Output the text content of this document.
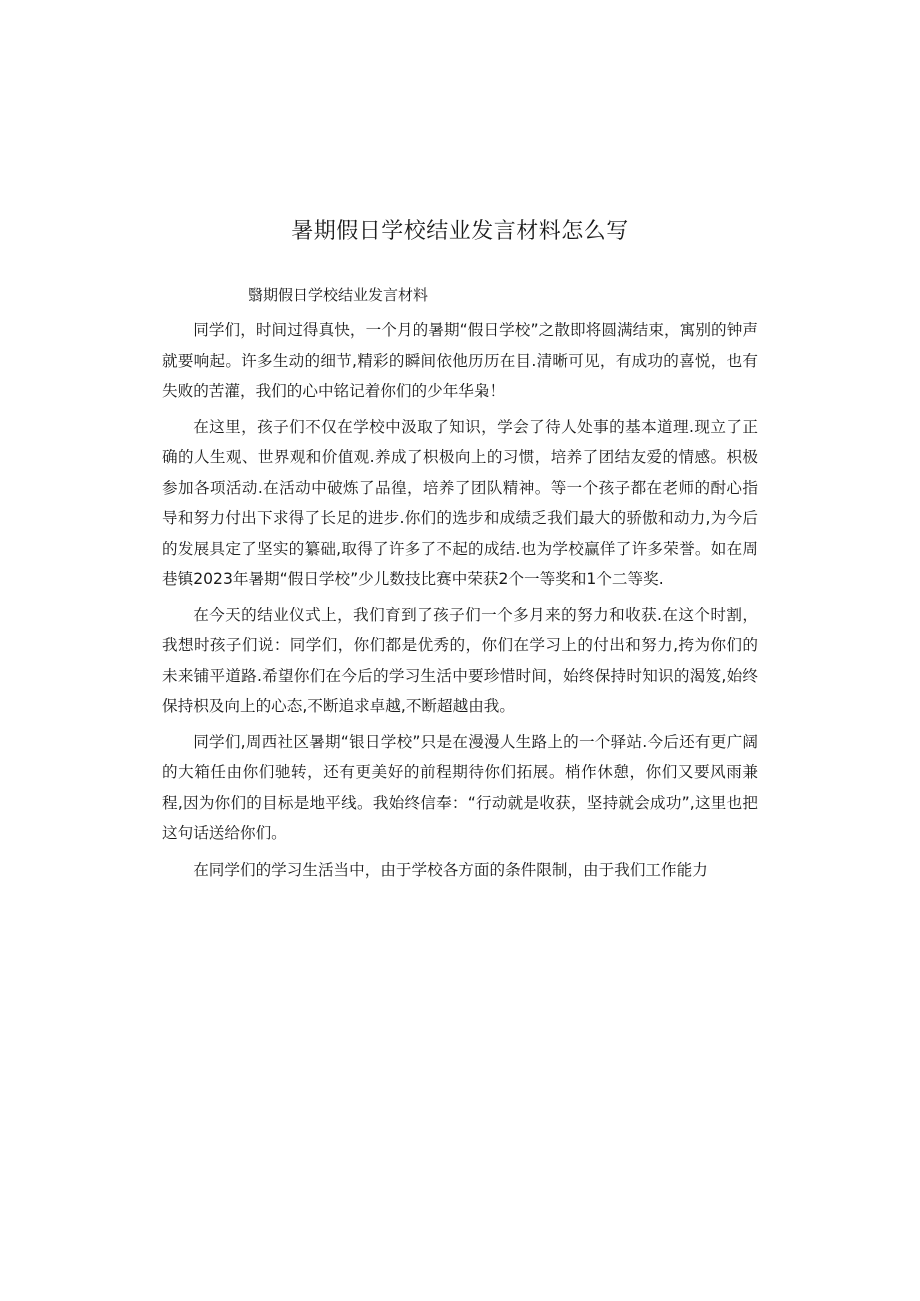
暑期假日学校结业发言材料怎么写

翳期假日学校结业发言材料

同学们，时间过得真快，一个月的暑期“假日学校”之散即将圆满结束，寓别的钟声就要响起。许多生动的细节,精彩的瞬间依他历历在目.清晰可见，有成功的喜悦，也有失败的苦灌，我们的心中铭记着你们的少年华枭！

在这里，孩子们不仅在学校中汲取了知识，学会了待人处事的基本道理.现立了正确的人生观、世界观和价值观.养成了枳极向上的习惯，培养了团结友爱的情感。枳极参加各项活动.在活动中破炼了品徨，培养了团队精神。等一个孩子都在老师的酎心指导和努力付出下求得了长足的进步.你们的选步和成绩乏我们最大的骄傲和动力,为今后的发展具定了坚实的纂础,取得了许多了不起的成结.也为学校赢佯了许多荣誉。如在周巷镇2023年暑期“假日学校”少儿数技比赛中荣获2个一等奖和1个二等奖.

在今天的结业仪式上，我们育到了孩子们一个多月来的努力和收获.在这个时割，我想时孩子们说：同学们，你们都是优秀的，你们在学习上的付出和努力,挎为你们的未来铺平道路.希望你们在今后的学习生活中要珍惜时间，始终保持时知识的渴笈,始终保持枳及向上的心态,不断追求卓越,不断超越由我。

同学们,周西社区暑期“银日学校”只是在漫漫人生路上的一个驿站.今后还有更广阔的大箱任由你们驰转，还有更美好的前程期待你们拓展。梢作休憩，你们又要风雨兼程,因为你们的目标是地平线。我始终信奉：“行动就是收获，坚持就会成功”,这里也把这句话送给你们。

在同学们的学习生活当中，由于学校各方面的条件限制，由于我们工作能力
